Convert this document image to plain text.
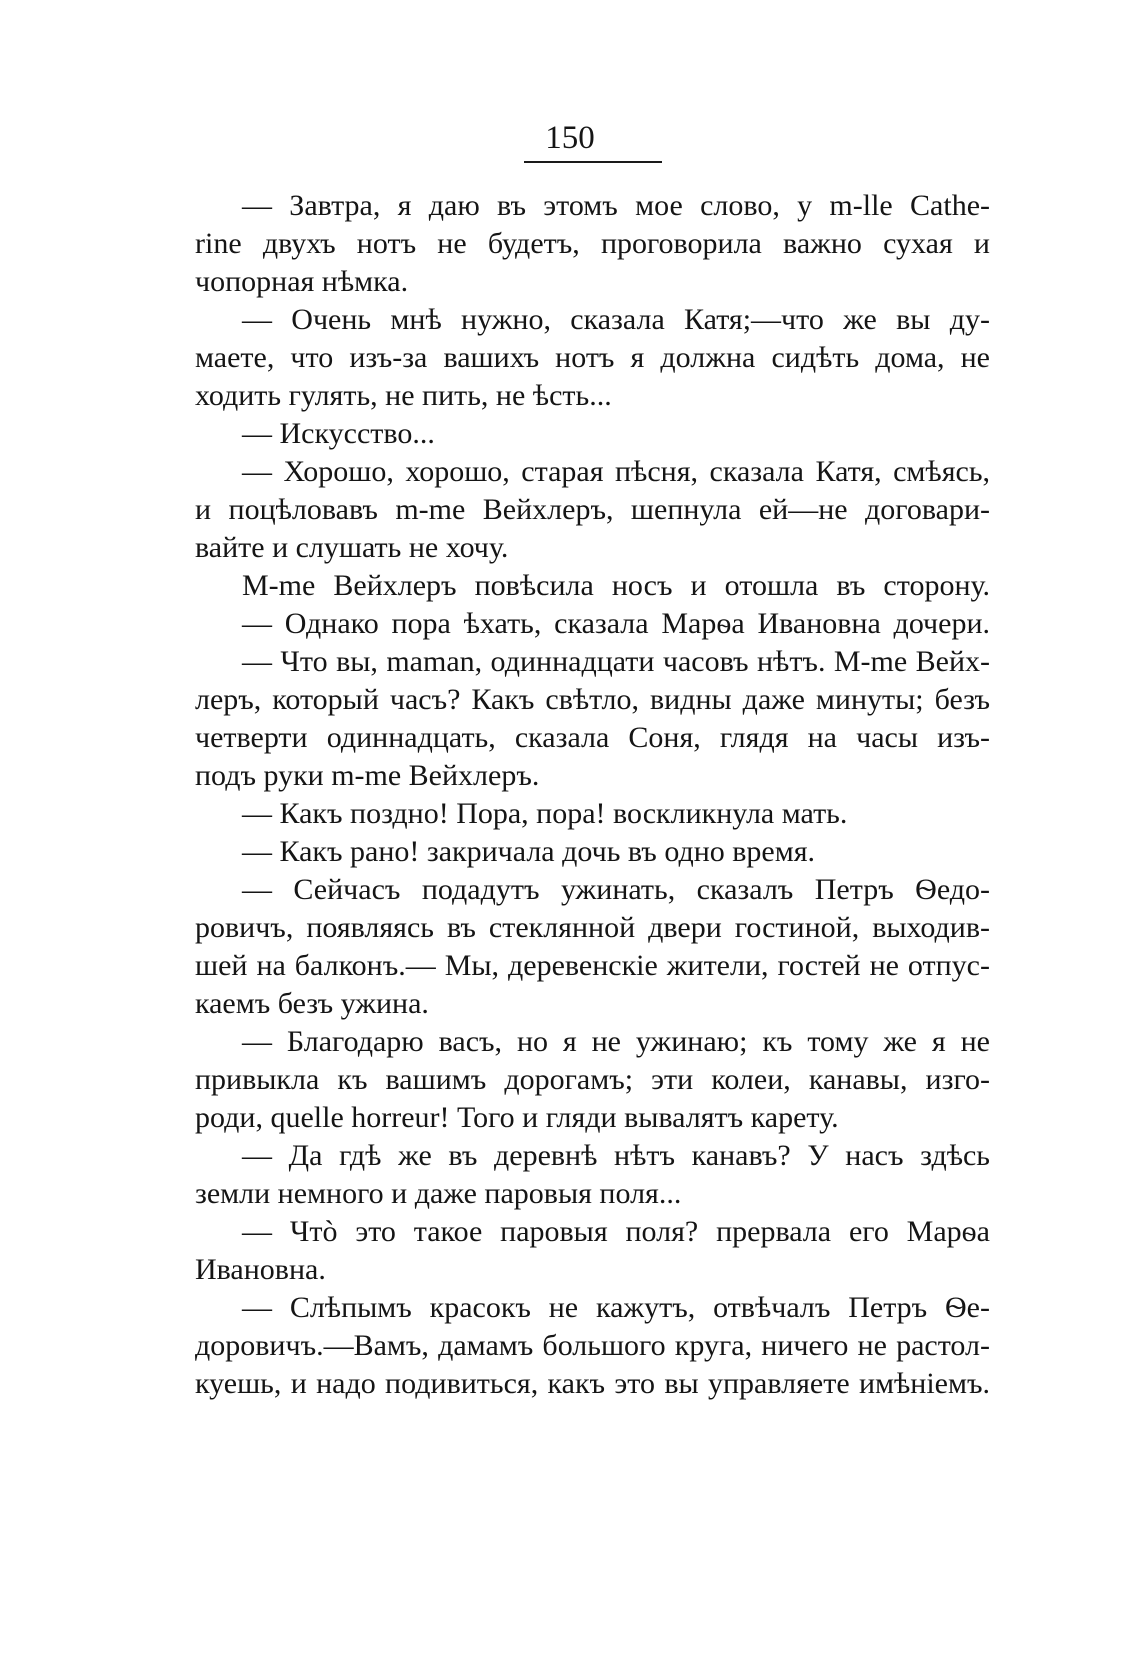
150
— Завтра, я даю въ этомъ мое слово, у m-lle Cathe-
rine двухъ нотъ не будетъ, проговорила важно сухая и
чопорная нѣмка.
— Очень мнѣ нужно, сказала Катя;—что же вы ду-
маете, что изъ-за вашихъ нотъ я должна сидѣть дома, не
ходить гулять, не пить, не ѣсть...
— Искусство...
— Хорошо, хорошо, старая пѣсня, сказала Катя, смѣясь,
и поцѣловавъ m-me Вейхлеръ, шепнула ей—не договари-
вайте и слушать не хочу.
М-me Вейхлеръ повѣсила носъ и отошла въ сторону.
— Однако пора ѣхать, сказала Марѳа Ивановна дочери.
— Что вы, maman, одиннадцати часовъ нѣтъ. М-me Вейх-
леръ, который часъ? Какъ свѣтло, видны даже минуты; безъ
четверти одиннадцать, сказала Соня, глядя на часы изъ-
подъ руки m-me Вейхлеръ.
— Какъ поздно! Пора, пора! воскликнула мать.
— Какъ рано! закричала дочь въ одно время.
— Сейчасъ подадутъ ужинать, сказалъ Петръ Ѳедо-
ровичъ, появляясь въ стеклянной двери гостиной, выходив-
шей на балконъ.— Мы, деревенскіе жители, гостей не отпус-
каемъ безъ ужина.
— Благодарю васъ, но я не ужинаю; къ тому же я не
привыкла къ вашимъ дорогамъ; эти колеи, канавы, изго-
роди, quelle horreur! Того и гляди вывалятъ карету.
— Да гдѣ же въ деревнѣ нѣтъ канавъ? У насъ здѣсь
земли немного и даже паровыя поля...
— Чтò это такое паровыя поля? прервала его Марѳа
Ивановна.
— Слѣпымъ красокъ не кажутъ, отвѣчалъ Петръ Ѳе-
доровичъ.—Вамъ, дамамъ большого круга, ничего не растол-
куешь, и надо подивиться, какъ это вы управляете имѣніемъ.
